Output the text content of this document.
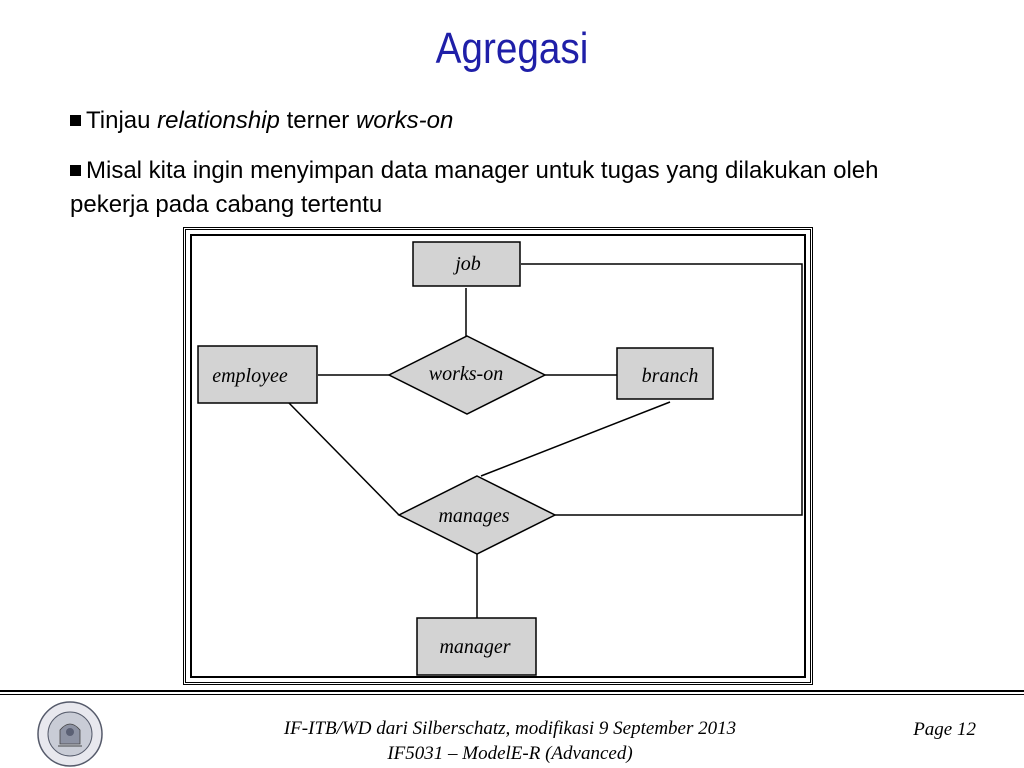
Agregasi
Tinjau relationship terner works-on
Misal kita ingin menyimpan data manager untuk tugas yang dilakukan oleh pekerja pada cabang tertentu
job
employee	branch
manager
works-on
manages
IF-ITB/WD dari Silberschatz, modifikasi 9 September 2013
IF5031 – ModelE-R (Advanced)
Page 12
